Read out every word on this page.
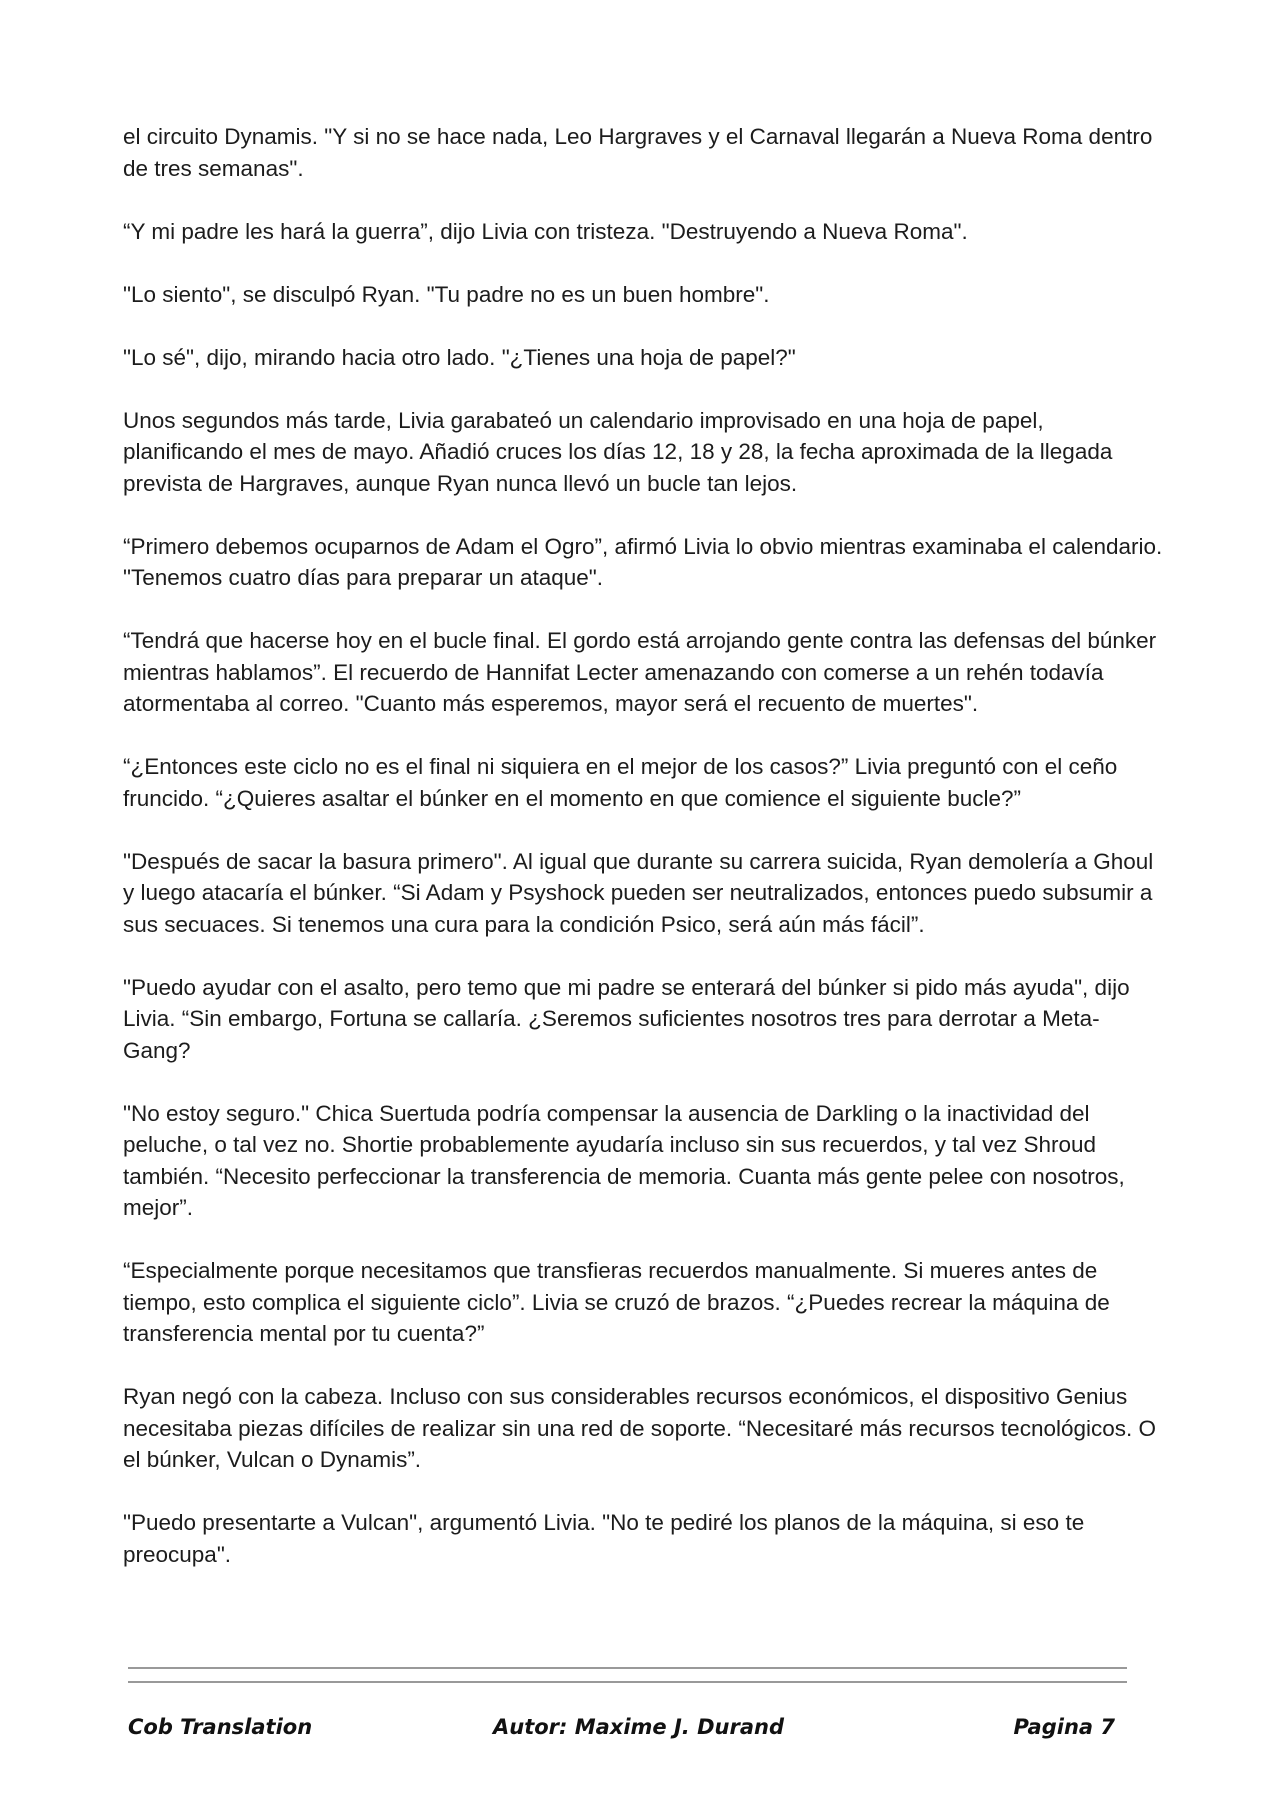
el circuito Dynamis. "Y si no se hace nada, Leo Hargraves y el Carnaval llegarán a Nueva Roma dentro de tres semanas".

“Y mi padre les hará la guerra”, dijo Livia con tristeza. "Destruyendo a Nueva Roma".

"Lo siento", se disculpó Ryan. "Tu padre no es un buen hombre".

"Lo sé", dijo, mirando hacia otro lado. "¿Tienes una hoja de papel?"

Unos segundos más tarde, Livia garabateó un calendario improvisado en una hoja de papel, planificando el mes de mayo. Añadió cruces los días 12, 18 y 28, la fecha aproximada de la llegada prevista de Hargraves, aunque Ryan nunca llevó un bucle tan lejos.

“Primero debemos ocuparnos de Adam el Ogro”, afirmó Livia lo obvio mientras examinaba el calendario. "Tenemos cuatro días para preparar un ataque".

“Tendrá que hacerse hoy en el bucle final. El gordo está arrojando gente contra las defensas del búnker mientras hablamos”. El recuerdo de Hannifat Lecter amenazando con comerse a un rehén todavía atormentaba al correo. "Cuanto más esperemos, mayor será el recuento de muertes".

“¿Entonces este ciclo no es el final ni siquiera en el mejor de los casos?” Livia preguntó con el ceño fruncido. “¿Quieres asaltar el búnker en el momento en que comience el siguiente bucle?”

"Después de sacar la basura primero". Al igual que durante su carrera suicida, Ryan demolería a Ghoul y luego atacaría el búnker. “Si Adam y Psyshock pueden ser neutralizados, entonces puedo subsumir a sus secuaces. Si tenemos una cura para la condición Psico, será aún más fácil”.

"Puedo ayudar con el asalto, pero temo que mi padre se enterará del búnker si pido más ayuda", dijo Livia. “Sin embargo, Fortuna se callaría. ¿Seremos suficientes nosotros tres para derrotar a Meta-Gang?

"No estoy seguro." Chica Suertuda podría compensar la ausencia de Darkling o la inactividad del peluche, o tal vez no. Shortie probablemente ayudaría incluso sin sus recuerdos, y tal vez Shroud también. “Necesito perfeccionar la transferencia de memoria. Cuanta más gente pelee con nosotros, mejor”.

“Especialmente porque necesitamos que transfieras recuerdos manualmente. Si mueres antes de tiempo, esto complica el siguiente ciclo”. Livia se cruzó de brazos. “¿Puedes recrear la máquina de transferencia mental por tu cuenta?”

Ryan negó con la cabeza. Incluso con sus considerables recursos económicos, el dispositivo Genius necesitaba piezas difíciles de realizar sin una red de soporte. “Necesitaré más recursos tecnológicos. O el búnker, Vulcan o Dynamis”.

"Puedo presentarte a Vulcan", argumentó Livia. "No te pediré los planos de la máquina, si eso te preocupa".

Cob Translation	Autor: Maxime J. Durand	Pagina 7
